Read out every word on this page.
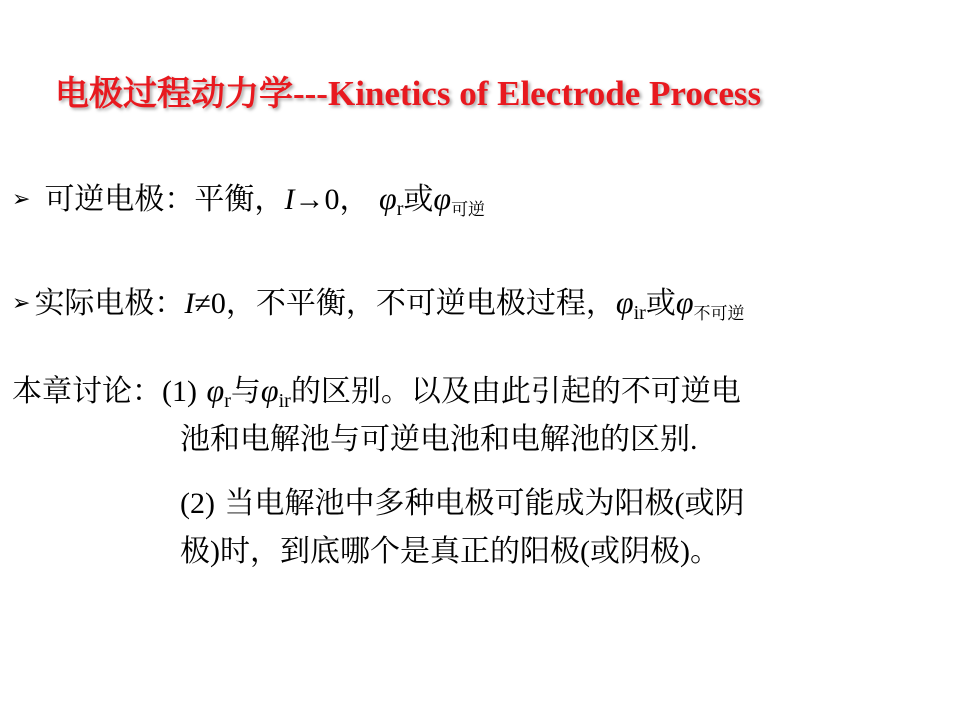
电极过程动力学---Kinetics of Electrode Process
➢ 可逆电极：平衡，I→0， $\varphi_r$或$\varphi_{可逆}$
➢ 实际电极：I≠0，不平衡，不可逆电极过程，$\varphi_{ir}$或$\varphi_{不可逆}$
本章讨论：(1) $\varphi_r$与$\varphi_{ir}$的区别。以及由此引起的不可逆电
池和电解池与可逆电池和电解池的区别.
(2) 当电解池中多种电极可能成为阳极(或阴
极)时，到底哪个是真正的阳极(或阴极)。
